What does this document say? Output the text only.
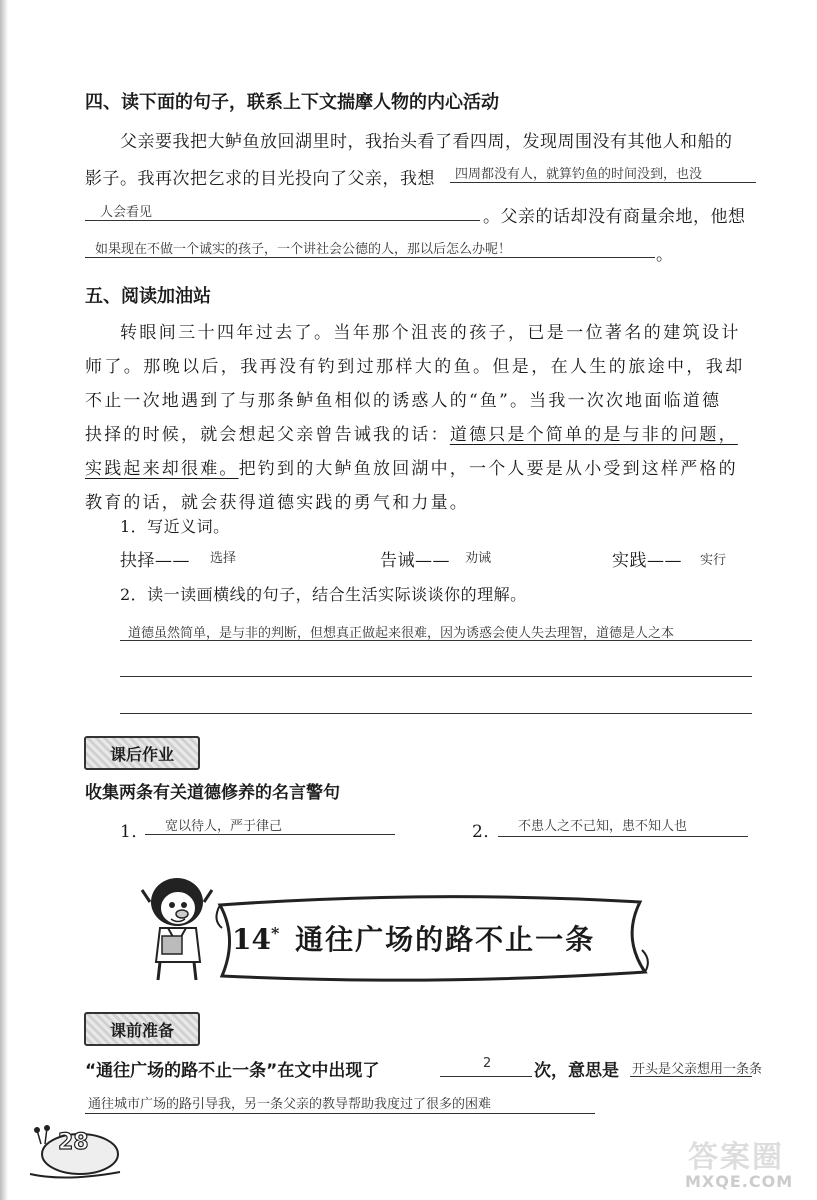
四、读下面的句子，联系上下文揣摩人物的内心活动
父亲要我把大鲈鱼放回湖里时，我抬头看了看四周，发现周围没有其他人和船的
影子。我再次把乞求的目光投向了父亲，我想 四周都没有人，就算钓鱼的时间没到，也没
人会看见	。父亲的话却没有商量余地，他想
如果现在不做一个诚实的孩子，一个讲社会公德的人，那以后怎么办呢！	。
五、阅读加油站
转眼间三十四年过去了。当年那个沮丧的孩子，已是一位著名的建筑设计
师了。那晚以后，我再没有钓到过那样大的鱼。但是，在人生的旅途中，我却
不止一次地遇到了与那条鲈鱼相似的诱惑人的“鱼”。当我一次次地面临道德
抉择的时候，就会想起父亲曾告诫我的话：道德只是个简单的是与非的问题，
实践起来却很难。把钓到的大鲈鱼放回湖中，一个人要是从小受到这样严格的
教育的话，就会获得道德实践的勇气和力量。
1．写近义词。
抉择—— 选择	告诫—— 劝诫	实践—— 实行
2．读一读画横线的句子，结合生活实际谈谈你的理解。
道德虽然简单，是与非的判断，但想真正做起来很难，因为诱惑会使人失去理智，道德是人之本
课后作业
收集两条有关道德修养的名言警句
1． 宽以待人，严于律己	2． 不患人之不己知，患不知人也
14* 通往广场的路不止一条
课前准备
“通往广场的路不止一条”在文中出现了	2	次，意思是 开头是父亲想用一条条
通往城市广场的路引导我，另一条父亲的教导帮助我度过了很多的困难
28	答案圈
MXQE.COM
